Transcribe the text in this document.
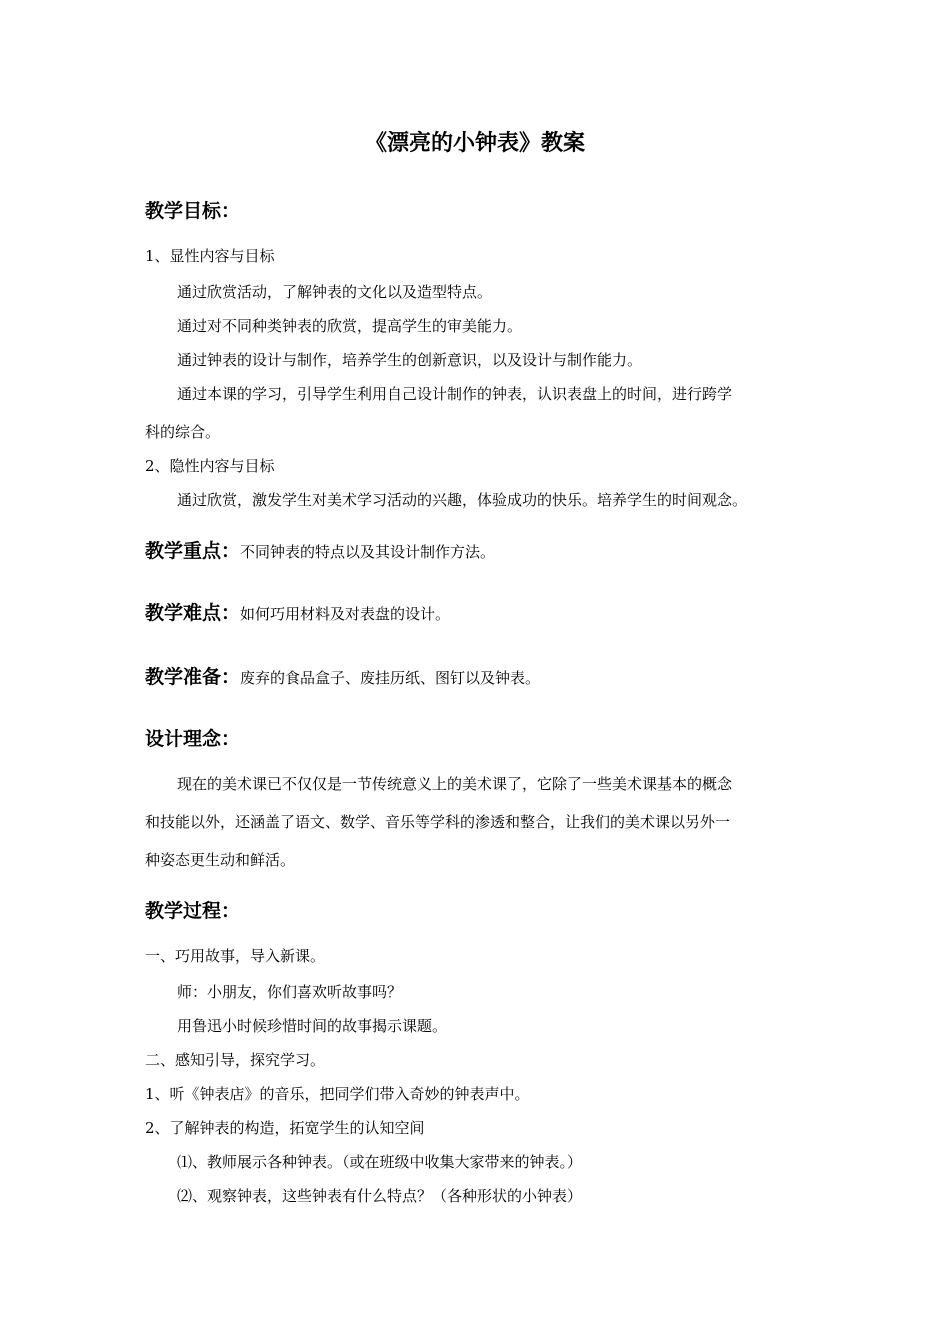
《漂亮的小钟表》教案
教学目标：
1、显性内容与目标
通过欣赏活动，了解钟表的文化以及造型特点。
通过对不同种类钟表的欣赏，提高学生的审美能力。
通过钟表的设计与制作，培养学生的创新意识，以及设计与制作能力。
通过本课的学习，引导学生利用自己设计制作的钟表，认识表盘上的时间，进行跨学
科的综合。
2、隐性内容与目标
通过欣赏，激发学生对美术学习活动的兴趣，体验成功的快乐。培养学生的时间观念。
教学重点：不同钟表的特点以及其设计制作方法。
教学难点：如何巧用材料及对表盘的设计。
教学准备：废弃的食品盒子、废挂历纸、图钉以及钟表。
设计理念：
现在的美术课已不仅仅是一节传统意义上的美术课了，它除了一些美术课基本的概念
和技能以外，还涵盖了语文、数学、音乐等学科的渗透和整合，让我们的美术课以另外一
种姿态更生动和鲜活。
教学过程：
一、巧用故事，导入新课。
师：小朋友，你们喜欢听故事吗？
用鲁迅小时候珍惜时间的故事揭示课题。
二、感知引导，探究学习。
1、听《钟表店》的音乐，把同学们带入奇妙的钟表声中。
2、了解钟表的构造，拓宽学生的认知空间
⑴、教师展示各种钟表。（或在班级中收集大家带来的钟表。）
⑵、观察钟表，这些钟表有什么特点？（各种形状的小钟表）
